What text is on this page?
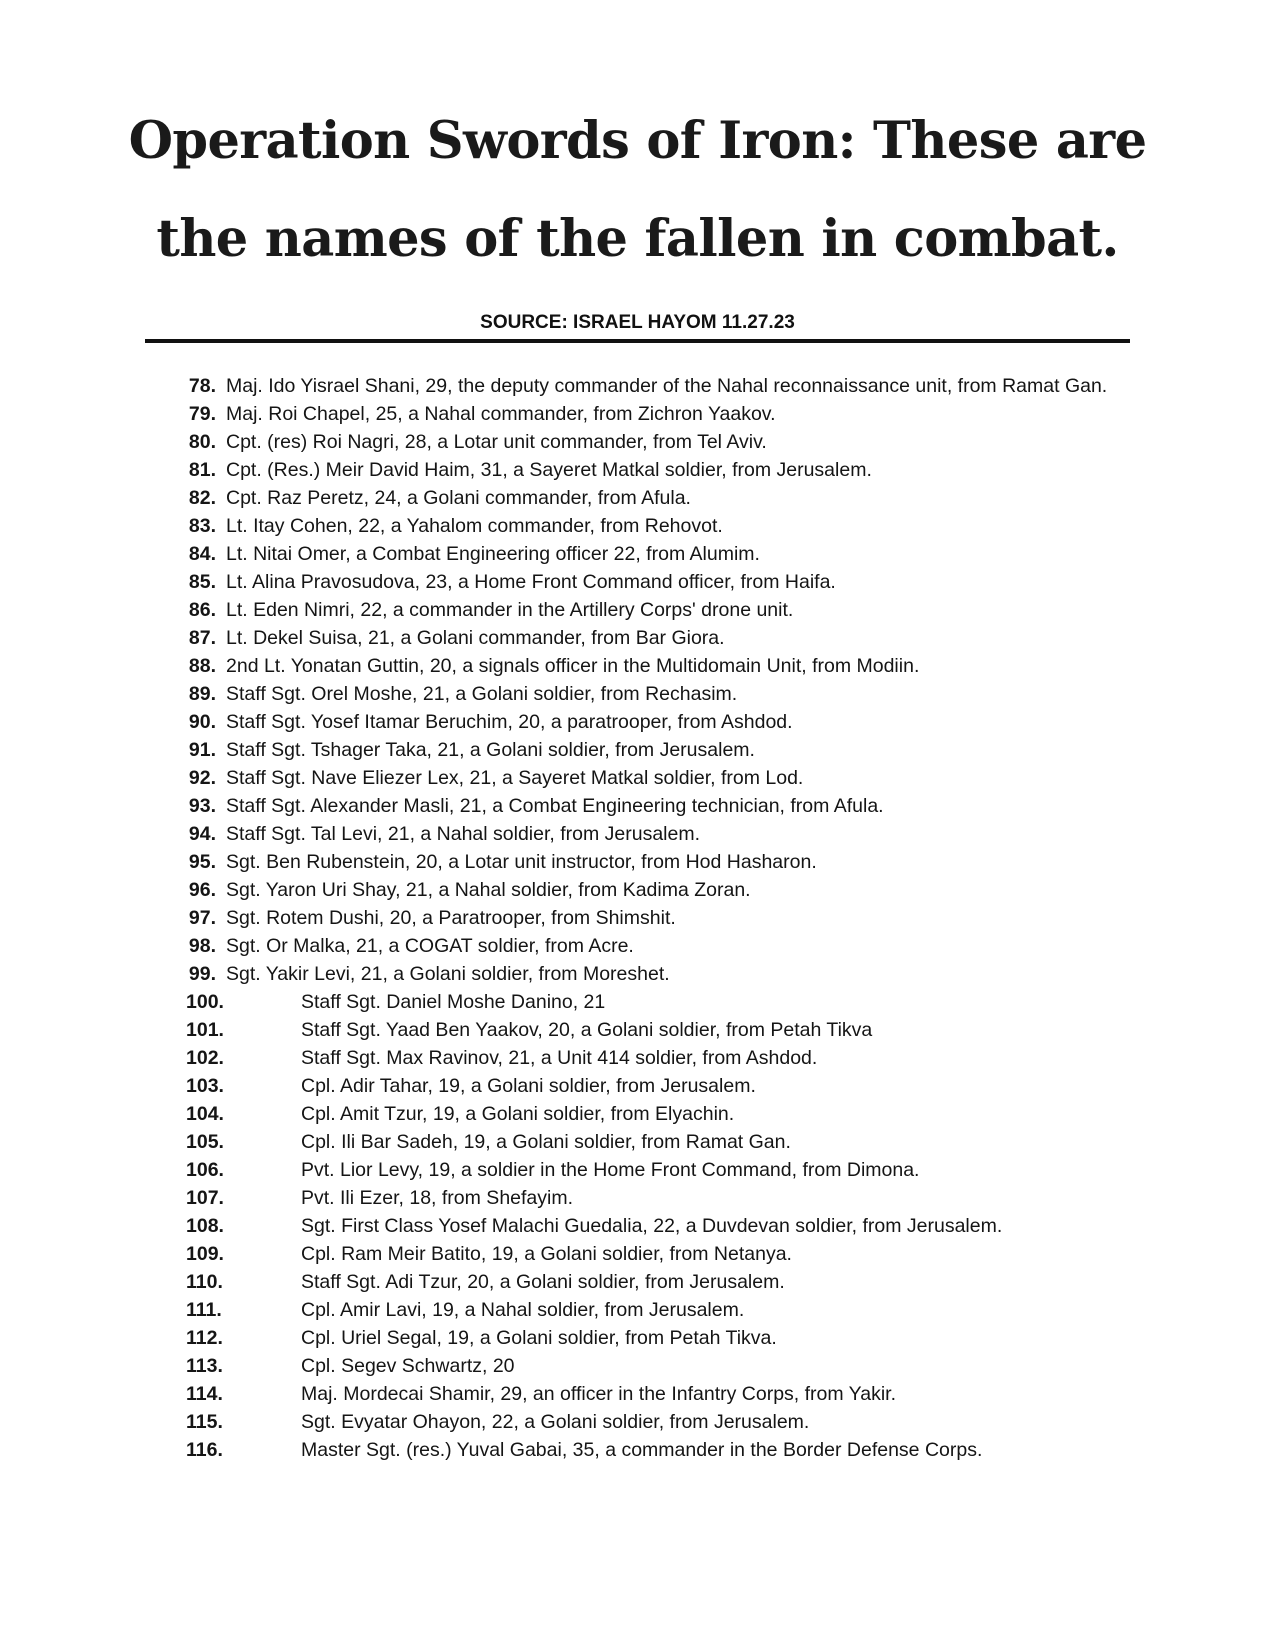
Operation Swords of Iron: These are the names of the fallen in combat.
SOURCE: ISRAEL HAYOM 11.27.23
78. Maj. Ido Yisrael Shani, 29, the deputy commander of the Nahal reconnaissance unit, from Ramat Gan.
79. Maj. Roi Chapel, 25, a Nahal commander, from Zichron Yaakov.
80. Cpt. (res) Roi Nagri, 28, a Lotar unit commander, from Tel Aviv.
81. Cpt. (Res.) Meir David Haim, 31, a Sayeret Matkal soldier, from Jerusalem.
82. Cpt. Raz Peretz, 24, a Golani commander, from Afula.
83. Lt. Itay Cohen, 22, a Yahalom commander, from Rehovot.
84. Lt. Nitai Omer, a Combat Engineering officer 22, from Alumim.
85. Lt. Alina Pravosudova, 23, a Home Front Command officer, from Haifa.
86. Lt. Eden Nimri, 22, a commander in the Artillery Corps' drone unit.
87. Lt. Dekel Suisa, 21, a Golani commander, from Bar Giora.
88. 2nd Lt. Yonatan Guttin, 20, a signals officer in the Multidomain Unit, from Modiin.
89. Staff Sgt. Orel Moshe, 21, a Golani soldier, from Rechasim.
90. Staff Sgt. Yosef Itamar Beruchim, 20, a paratrooper, from Ashdod.
91. Staff Sgt. Tshager Taka, 21, a Golani soldier, from Jerusalem.
92. Staff Sgt. Nave Eliezer Lex, 21, a Sayeret Matkal soldier, from Lod.
93. Staff Sgt. Alexander Masli, 21, a Combat Engineering technician, from Afula.
94. Staff Sgt. Tal Levi, 21, a Nahal soldier, from Jerusalem.
95. Sgt. Ben Rubenstein, 20, a Lotar unit instructor, from Hod Hasharon.
96. Sgt. Yaron Uri Shay, 21, a Nahal soldier, from Kadima Zoran.
97. Sgt. Rotem Dushi, 20, a Paratrooper, from Shimshit.
98. Sgt. Or Malka, 21, a COGAT soldier, from Acre.
99. Sgt. Yakir Levi, 21, a Golani soldier, from Moreshet.
100.	Staff Sgt. Daniel Moshe Danino, 21
101.	Staff Sgt. Yaad Ben Yaakov, 20, a Golani soldier, from Petah Tikva
102.	Staff Sgt. Max Ravinov, 21, a Unit 414 soldier, from Ashdod.
103.	Cpl. Adir Tahar, 19, a Golani soldier, from Jerusalem.
104.	Cpl. Amit Tzur, 19, a Golani soldier, from Elyachin.
105.	Cpl. Ili Bar Sadeh, 19, a Golani soldier, from Ramat Gan.
106.	Pvt. Lior Levy, 19, a soldier in the Home Front Command, from Dimona.
107.	Pvt. Ili Ezer, 18, from Shefayim.
108.	Sgt. First Class Yosef Malachi Guedalia, 22, a Duvdevan soldier, from Jerusalem.
109.	Cpl. Ram Meir Batito, 19, a Golani soldier, from Netanya.
110.	Staff Sgt. Adi Tzur, 20, a Golani soldier, from Jerusalem.
111.	Cpl. Amir Lavi, 19, a Nahal soldier, from Jerusalem.
112.	Cpl. Uriel Segal, 19, a Golani soldier, from Petah Tikva.
113.	Cpl. Segev Schwartz, 20
114.	Maj. Mordecai Shamir, 29, an officer in the Infantry Corps, from Yakir.
115.	Sgt. Evyatar Ohayon, 22, a Golani soldier, from Jerusalem.
116.	Master Sgt. (res.) Yuval Gabai, 35, a commander in the Border Defense Corps.
